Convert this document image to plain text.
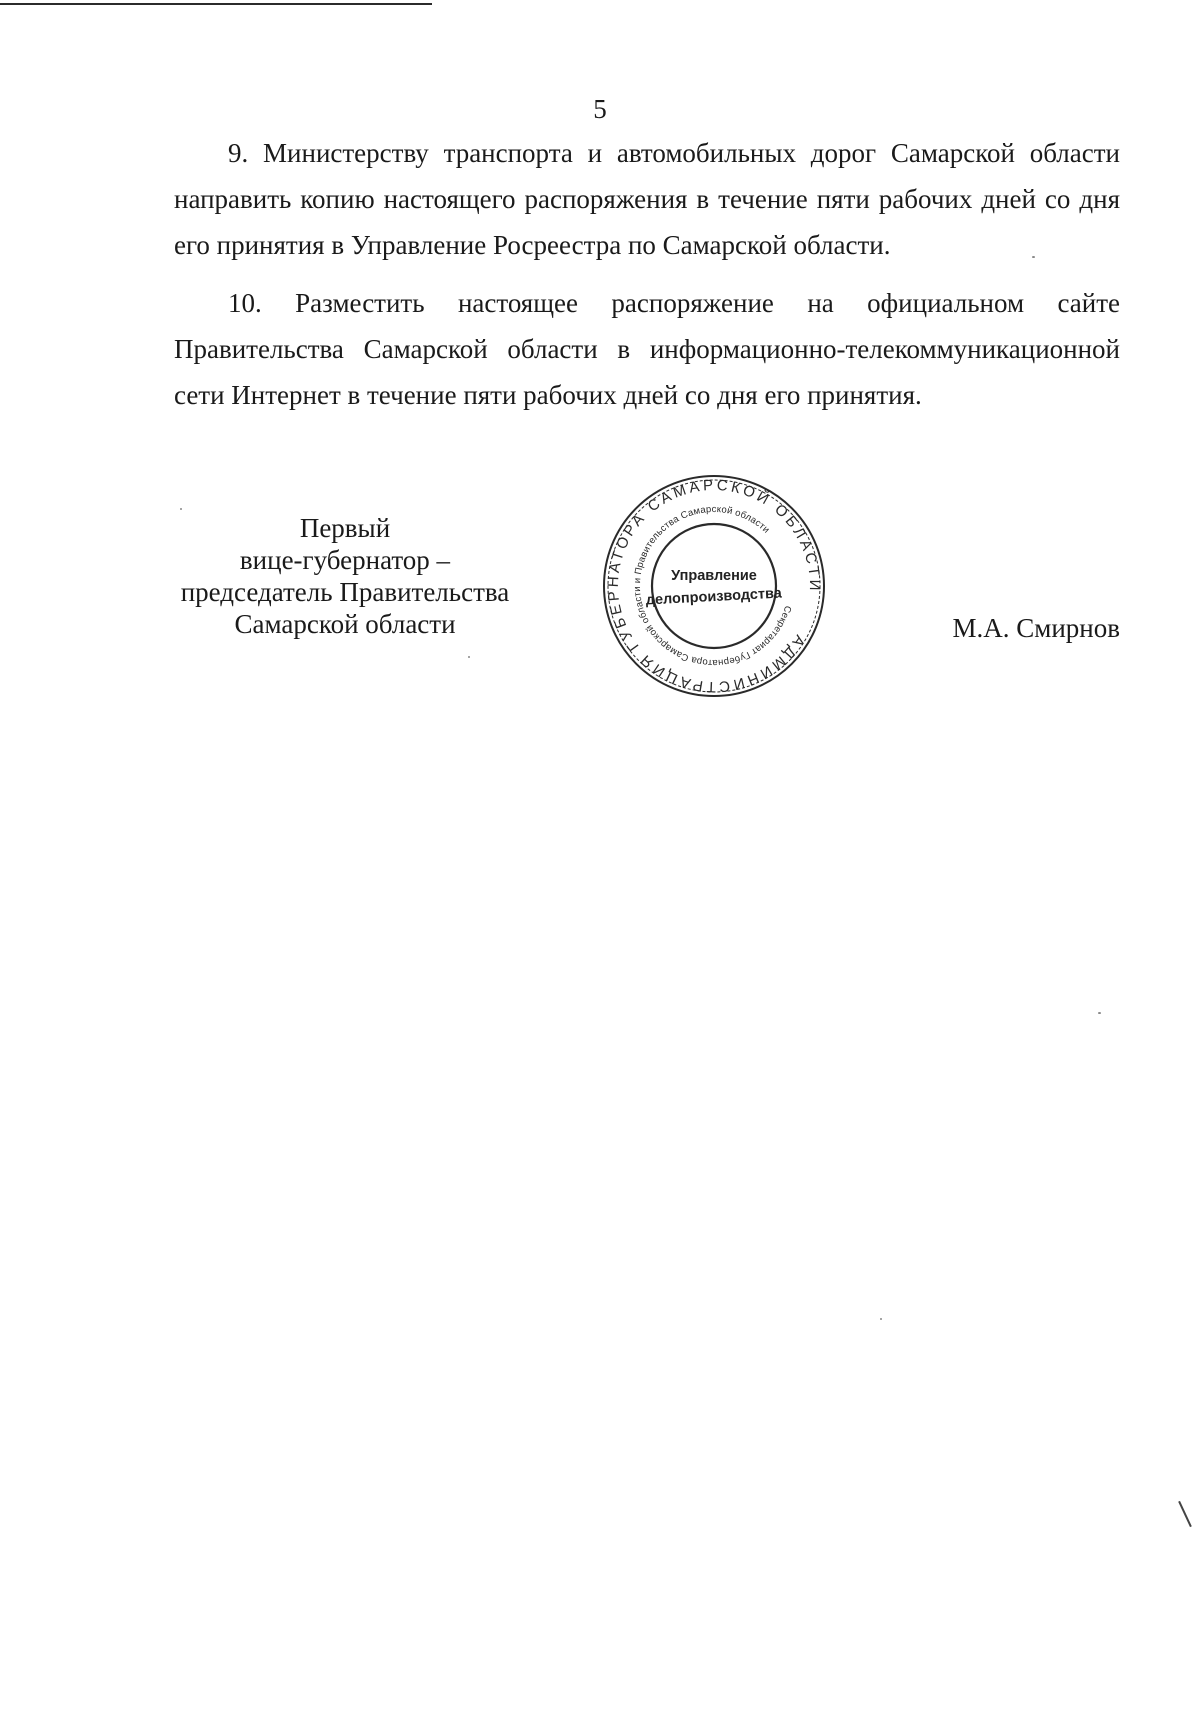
5

9. Министерству транспорта и автомобильных дорог Самарской области направить копию настоящего распоряжения в течение пяти рабочих дней со дня его принятия в Управление Росреестра по Самарской области.

10. Разместить настоящее распоряжение на официальном сайте Правительства Самарской области в информационно-телекоммуникационной сети Интернет в течение пяти рабочих дней со дня его принятия.

Первый
вице-губернатор –
председатель Правительства
Самарской области
АДМИНИСТРАЦИЯ ГУБЕРНАТОРА САМАРСКОЙ ОБЛАСТИ
Секретариат Губернатора Самарской области и Правительства Самарской области
Управление
делопроизводства
М.А. Смирнов
